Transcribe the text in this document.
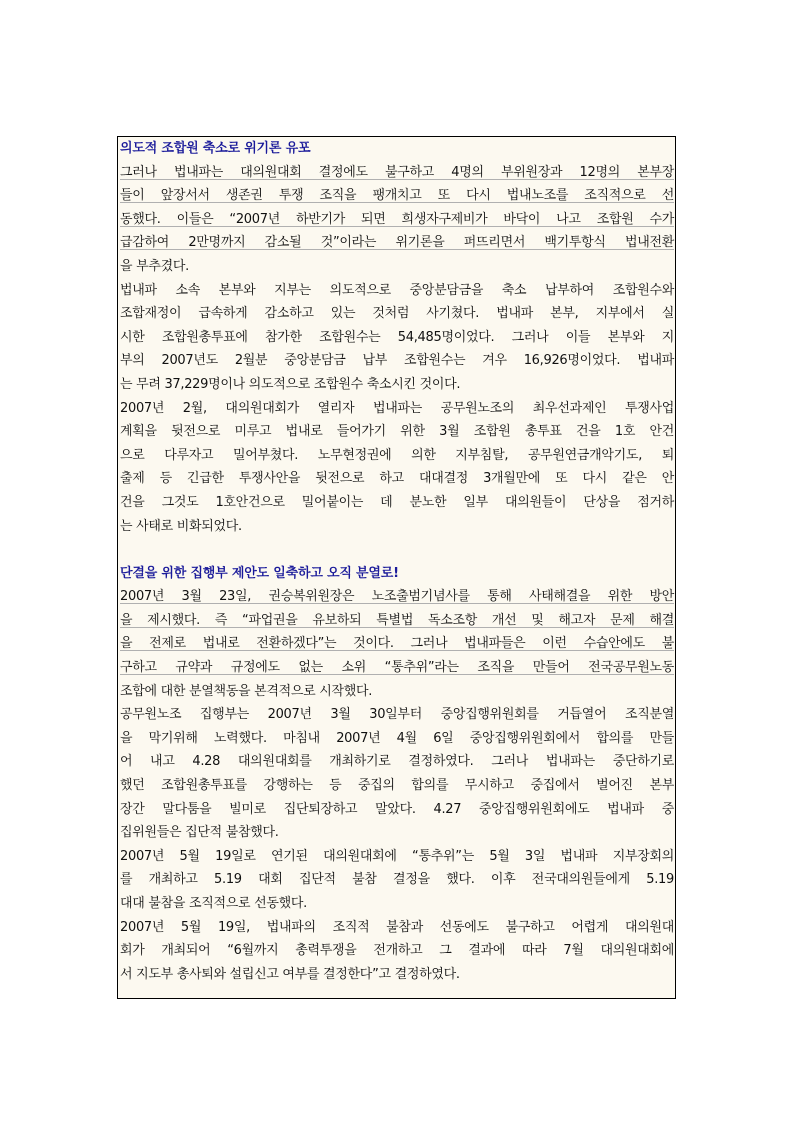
의도적 조합원 축소로 위기론 유포
그러나 법내파는 대의원대회 결정에도 불구하고 4명의 부위원장과 12명의 본부장
들이 앞장서서 생존권 투쟁 조직을 팽개치고 또 다시 법내노조를 조직적으로 선
동했다. 이들은 “2007년 하반기가 되면 희생자구제비가 바닥이 나고 조합원 수가
급감하여 2만명까지 감소될 것”이라는 위기론을 퍼뜨리면서 백기투항식 법내전환
을 부추겼다.
법내파 소속 본부와 지부는 의도적으로 중앙분담금을 축소 납부하여 조합원수와
조합재정이 급속하게 감소하고 있는 것처럼 사기쳤다. 법내파 본부, 지부에서 실
시한 조합원총투표에 참가한 조합원수는 54,485명이었다. 그러나 이들 본부와 지
부의 2007년도 2월분 중앙분담금 납부 조합원수는 겨우 16,926명이었다. 법내파
는 무려 37,229명이나 의도적으로 조합원수 축소시킨 것이다.
2007년 2월, 대의원대회가 열리자 법내파는 공무원노조의 최우선과제인 투쟁사업
계획을 뒷전으로 미루고 법내로 들어가기 위한 3월 조합원 총투표 건을 1호 안건
으로 다루자고 밀어부쳤다. 노무현정권에 의한 지부침탈, 공무원연금개악기도, 퇴
출제 등 긴급한 투쟁사안을 뒷전으로 하고 대대결정 3개월만에 또 다시 같은 안
건을 그것도 1호안건으로 밀어붙이는 데 분노한 일부 대의원들이 단상을 점거하
는 사태로 비화되었다.
단결을 위한 집행부 제안도 일축하고 오직 분열로!
2007년 3월 23일, 권승복위원장은 노조출범기념사를 통해 사태해결을 위한 방안
을 제시했다. 즉 “파업권을 유보하되 특별법 독소조항 개선 및 해고자 문제 해결
을 전제로 법내로 전환하겠다”는 것이다. 그러나 법내파들은 이런 수습안에도 불
구하고 규약과 규정에도 없는 소위 “통추위”라는 조직을 만들어 전국공무원노동
조합에 대한 분열책동을 본격적으로 시작했다.
공무원노조 집행부는 2007년 3월 30일부터 중앙집행위원회를 거듭열어 조직분열
을 막기위해 노력했다. 마침내 2007년 4월 6일 중앙집행위원회에서 합의를 만들
어 내고 4.28 대의원대회를 개최하기로 결정하였다. 그러나 법내파는 중단하기로
했던 조합원총투표를 강행하는 등 중집의 합의를 무시하고 중집에서 벌어진 본부
장간 말다툼을 빌미로 집단퇴장하고 말았다. 4.27 중앙집행위원회에도 법내파 중
집위원들은 집단적 불참했다.
2007년 5월 19일로 연기된 대의원대회에 “통추위”는 5월 3일 법내파 지부장회의
를 개최하고 5.19 대회 집단적 불참 결정을 했다. 이후 전국대의원들에게 5.19
대대 불참을 조직적으로 선동했다.
2007년 5월 19일, 법내파의 조직적 불참과 선동에도 불구하고 어렵게 대의원대
회가 개최되어 “6월까지 총력투쟁을 전개하고 그 결과에 따라 7월 대의원대회에
서 지도부 총사퇴와 설립신고 여부를 결정한다”고 결정하였다.
